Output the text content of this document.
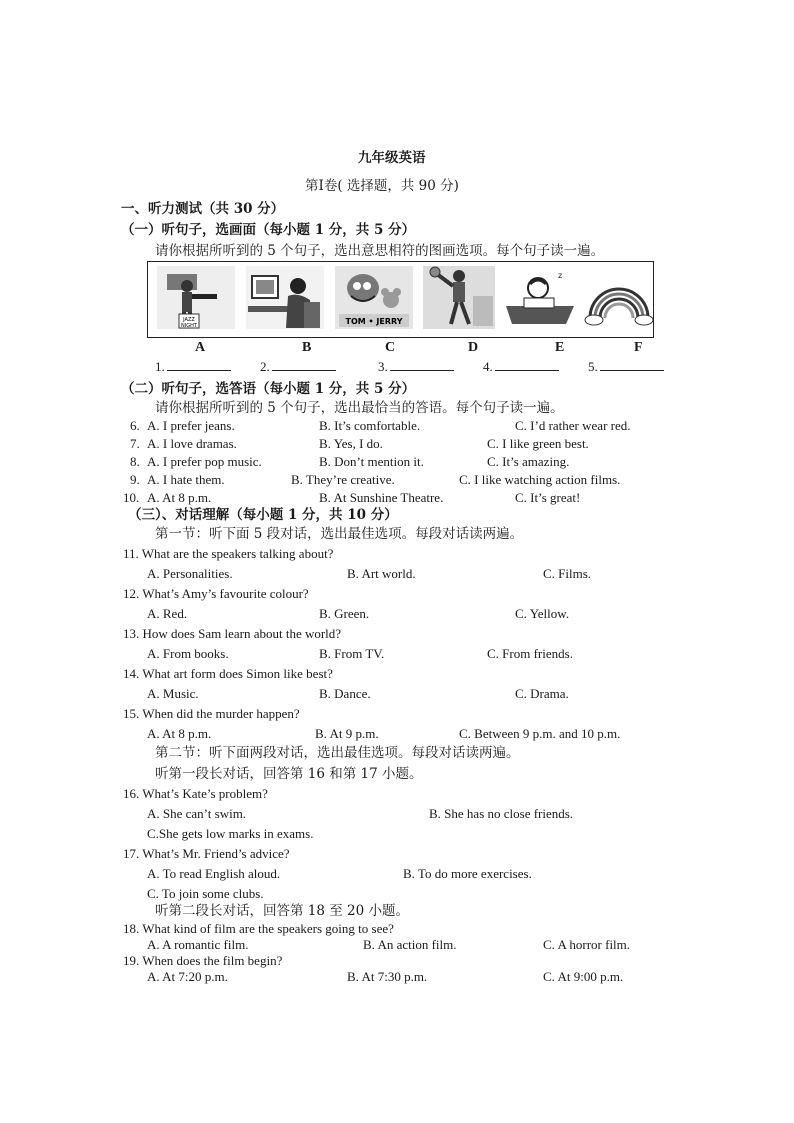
九年级英语
第Ⅰ卷( 选择题，共 90 分)
一、听力测试（共 30 分）
（一）听句子，选画面（每小题 1 分，共 5 分）
请你根据所听到的 5 个句子，选出意思相符的图画选项。每个句子读一遍。
JAZZ
NIGHT	TOM • JERRY
z
A	B	C	D	E	F
1.	2.	3.	4.	5.
（二）听句子，选答语（每小题 1 分，共 5 分）
请你根据所听到的 5 个句子，选出最恰当的答语。每个句子读一遍。
6. A. I prefer jeans.	B. It’s comfortable.	C. I’d rather wear red.
7. A. I love dramas.	B. Yes, I do.	C. I like green best.
8. A. I prefer pop music.	B. Don’t mention it.	C. It’s amazing.
9. A. I hate them.	B. They’re creative.	C. I like watching action films.
10. A. At 8 p.m.	B. At Sunshine Theatre.	C. It’s great!
（三）、对话理解（每小题 1 分，共 10 分）
第一节：听下面 5 段对话，选出最佳选项。每段对话读两遍。
11. What are the speakers talking about?
A. Personalities.	B. Art world.	C. Films.
12. What’s Amy’s favourite colour?
A. Red.	B. Green.	C. Yellow.
13. How does Sam learn about the world?
A. From books.	B. From TV.	C. From friends.
14. What art form does Simon like best?
A. Music.	B. Dance.	C. Drama.
15. When did the murder happen?
A. At 8 p.m.	B. At 9 p.m.	C. Between 9 p.m. and 10 p.m.
第二节：听下面两段对话，选出最佳选项。每段对话读两遍。
听第一段长对话，回答第 16 和第 17 小题。
16. What’s Kate’s problem?
A. She can’t swim.	B. She has no close friends.
C.She gets low marks in exams.
17. What’s Mr. Friend’s advice?
A. To read English aloud.	B. To do more exercises.
C. To join some clubs.
听第二段长对话，回答第 18 至 20 小题。
18. What kind of film are the speakers going to see?
A. A romantic film.	B. An action film.	C. A horror film.
19. When does the film begin?
A. At 7:20 p.m.	B. At 7:30 p.m.	C. At 9:00 p.m.
